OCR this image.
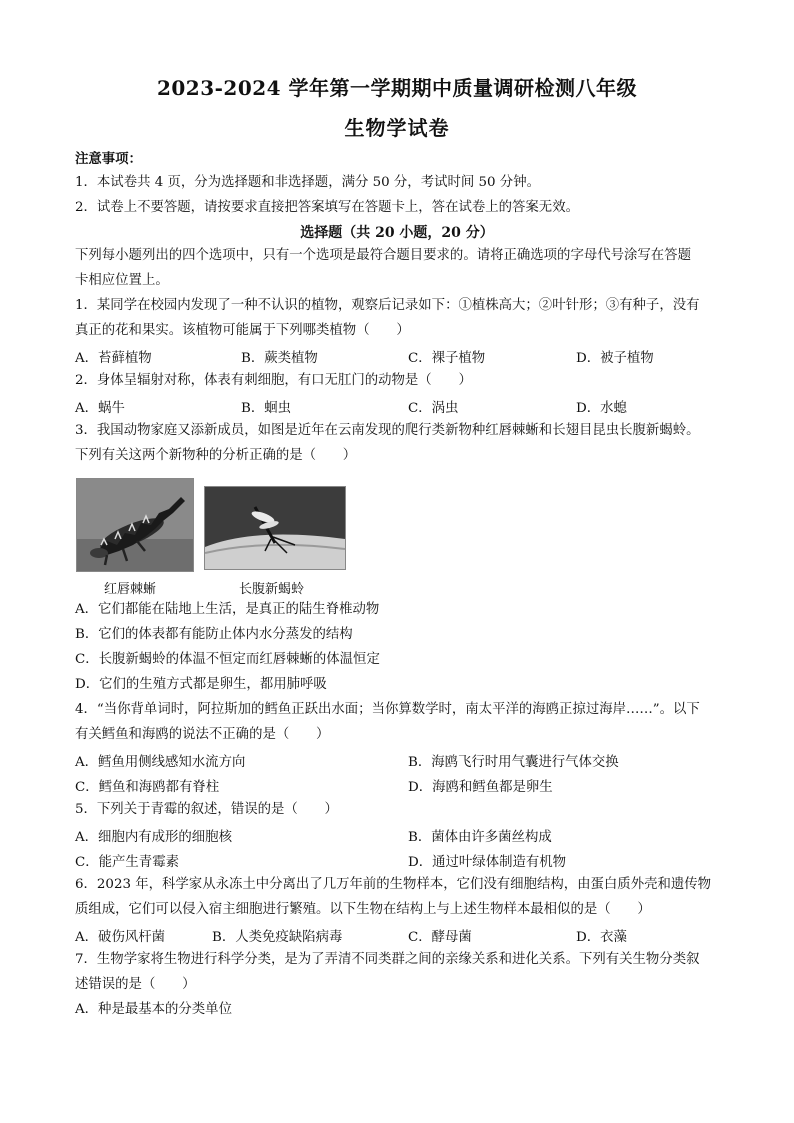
2023-2024 学年第一学期期中质量调研检测八年级
生物学试卷
注意事项：
1．本试卷共 4 页，分为选择题和非选择题，满分 50 分，考试时间 50 分钟。
2．试卷上不要答题，请按要求直接把答案填写在答题卡上，答在试卷上的答案无效。
选择题（共 20 小题，20 分）
下列每小题列出的四个选项中，只有一个选项是最符合题目要求的。请将正确选项的字母代号涂写在答题
卡相应位置上。
1．某同学在校园内发现了一种不认识的植物，观察后记录如下：①植株高大；②叶针形；③有种子，没有
真正的花和果实。该植物可能属于下列哪类植物（　　）
A．苔藓植物	B．蕨类植物	C．裸子植物	D．被子植物
2．身体呈辐射对称，体表有刺细胞，有口无肛门的动物是（　　）
A．蜗牛	B．蛔虫	C．涡虫	D．水螅
3．我国动物家庭又添新成员，如图是近年在云南发现的爬行类新物种红唇棘蜥和长翅目昆虫长腹新蝎蛉。
下列有关这两个新物种的分析正确的是（　　）
红唇棘蜥	长腹新蝎蛉
A．它们都能在陆地上生活，是真正的陆生脊椎动物
B．它们的体表都有能防止体内水分蒸发的结构
C．长腹新蝎蛉的体温不恒定而红唇棘蜥的体温恒定
D．它们的生殖方式都是卵生，都用肺呼吸
4．“当你背单词时，阿拉斯加的鳕鱼正跃出水面；当你算数学时，南太平洋的海鸥正掠过海岸……”。以下
有关鳕鱼和海鸥的说法不正确的是（　　）
A．鳕鱼用侧线感知水流方向	B．海鸥飞行时用气囊进行气体交换
C．鳕鱼和海鸥都有脊柱	D．海鸥和鳕鱼都是卵生
5．下列关于青霉的叙述，错误的是（　　）
A．细胞内有成形的细胞核	B．菌体由许多菌丝构成
C．能产生青霉素	D．通过叶绿体制造有机物
6．2023 年，科学家从永冻土中分离出了几万年前的生物样本，它们没有细胞结构，由蛋白质外壳和遗传物
质组成，它们可以侵入宿主细胞进行繁殖。以下生物在结构上与上述生物样本最相似的是（　　）
A．破伤风杆菌	B．人类免疫缺陷病毒	C．酵母菌	D．衣藻
7．生物学家将生物进行科学分类，是为了弄清不同类群之间的亲缘关系和进化关系。下列有关生物分类叙
述错误的是（　　）
A．种是最基本的分类单位
